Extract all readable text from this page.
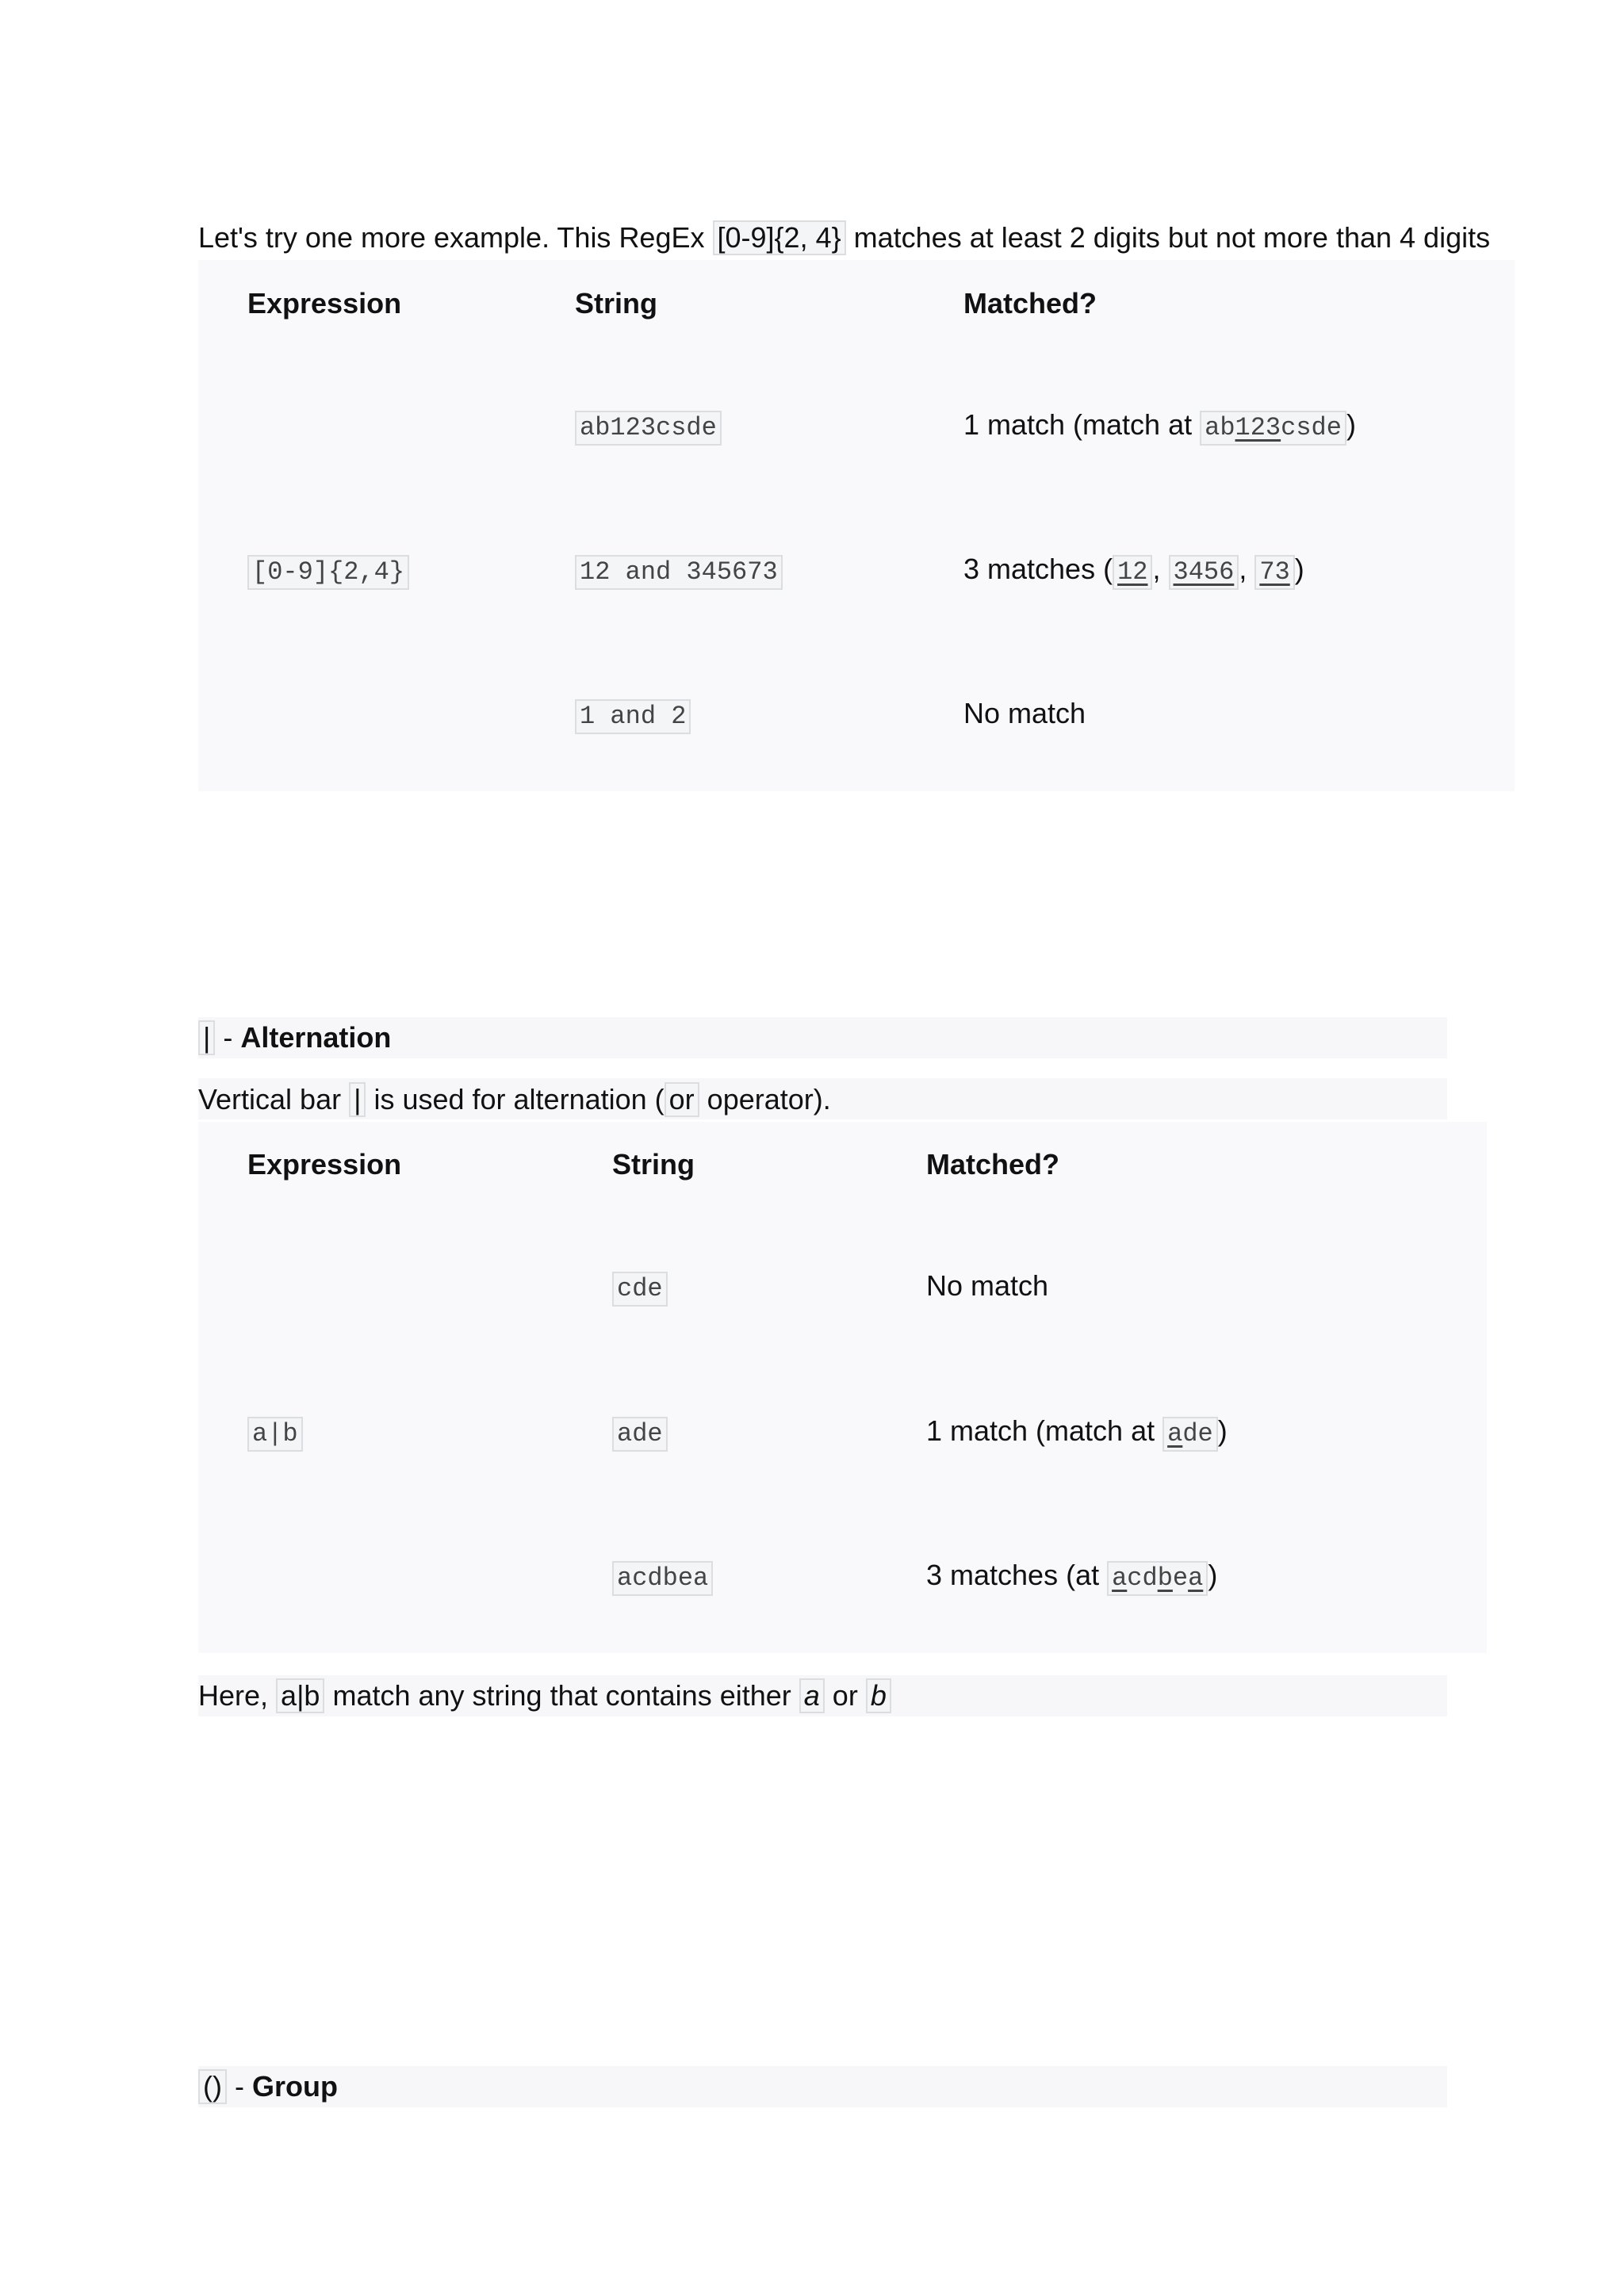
Let's try one more example. This RegEx [0-9]{2, 4} matches at least 2 digits but not more than 4 digits
Expression	String	Matched?
[0-9]{2,4}
ab123csde	1 match (match at ab123csde )
12 and 345673	3 matches ( 12 , 3456 , 73 )
1 and 2	No match
| - Alternation
Vertical bar | is used for alternation ( or operator).
Expression	String	Matched?
a|b
cde	No match
ade	1 match (match at ade )
acdbea	3 matches (at acdbea )
Here, a|b match any string that contains either a or b
() - Group
